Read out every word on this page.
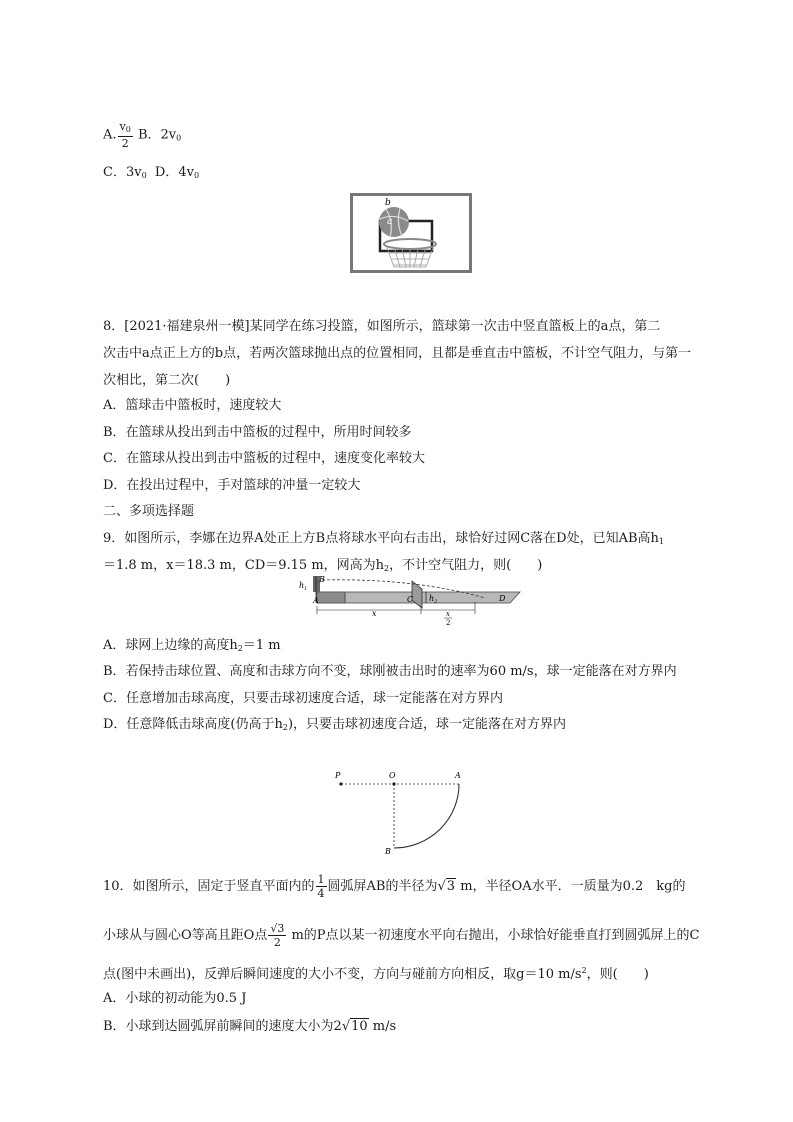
A. $\frac{v_0}{2}$ B．$2v_0$
C．$3v_0$ D．$4v_0$
b
a
8．[2021·福建泉州一模]某同学在练习投篮，如图所示，篮球第一次击中竖直篮板上的a点，第二
次击中a点正上方的b点，若两次篮球抛出点的位置相同，且都是垂直击中篮板，不计空气阻力，与第一
次相比，第二次(　　)
A．篮球击中篮板时，速度较大
B．在篮球从投出到击中篮板的过程中，所用时间较多
C．在篮球从投出到击中篮板的过程中，速度变化率较大
D．在投出过程中，手对篮球的冲量一定较大
二、多项选择题
9．如图所示，李娜在边界A处正上方B点将球水平向右击出，球恰好过网C落在D处，已知AB高$h_1$
＝1.8 m，x＝18.3 m，CD＝9.15 m，网高为$h_2$，不计空气阻力，则(　　)
B
A
$h_1$
C $h_2$	D
x	x
2
A．球网上边缘的高度$h_2=1$ m
B．若保持击球位置、高度和击球方向不变，球刚被击出时的速率为60 m/s，球一定能落在对方界内
C．任意增加击球高度，只要击球初速度合适，球一定能落在对方界内
D．任意降低击球高度(仍高于$h_2$)，只要击球初速度合适，球一定能落在对方界内
P	O	A
B
10．如图所示，固定于竖直平面内的 $\frac{1}{4}$ 圆弧屏AB的半径为√3 m，半径OA水平．一质量为0.2　kg的
小球从与圆心O等高且距O点 $\frac{√3}{2}$ m的P点以某一初速度水平向右抛出，小球恰好能垂直打到圆弧屏上的C
点(图中未画出)，反弹后瞬间速度的大小不变，方向与碰前方向相反，取g＝10 $m/s^2$，则(　　)
A．小球的初动能为0.5 J
B．小球到达圆弧屏前瞬间的速度大小为2√10 m/s
